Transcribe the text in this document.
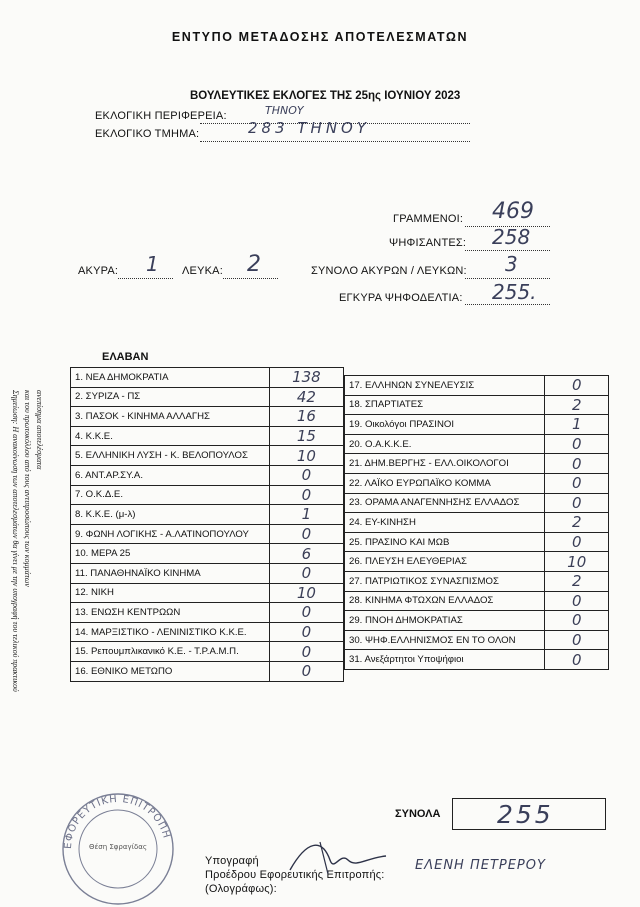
ΕΝΤΥΠΟ ΜΕΤΑΔΟΣΗΣ ΑΠΟΤΕΛΕΣΜΑΤΩΝ
ΒΟΥΛΕΥΤΙΚΕΣ ΕΚΛΟΓΕΣ ΤΗΣ 25ης ΙΟΥΝΙΟΥ 2023
ΕΚΛΟΓΙΚΗ ΠΕΡΙΦΕΡΕΙΑ:	ΤΗΝΟΥ
ΕΚΛΟΓΙΚΟ ΤΜΗΜΑ:	283 ΤΗΝΟΥ
ΓΡΑΜΜΕΝΟΙ: 469
ΨΗΦΙΣΑΝΤΕΣ: 258
ΑΚΥΡΑ: 1 ΛΕΥΚΑ: 2	ΣΥΝΟΛΟ ΑΚΥΡΩΝ / ΛΕΥΚΩΝ: 3
ΕΓΚΥΡΑ ΨΗΦΟΔΕΛΤΙΑ: 255.
ΕΛΑΒΑΝ
1. ΝΕΑ ΔΗΜΟΚΡΑΤΙΑ	138
2. ΣΥΡΙΖΑ - ΠΣ	42
3. ΠΑΣΟΚ - ΚΙΝΗΜΑ ΑΛΛΑΓΗΣ	16
4. Κ.Κ.Ε.	15
5. ΕΛΛΗΝΙΚΗ ΛΥΣΗ - Κ. ΒΕΛΟΠΟΥΛΟΣ	10
6. ΑΝΤ.ΑΡ.ΣΥ.Α.	0
7. Ο.Κ.Δ.Ε.	0
8. Κ.Κ.Ε. (μ-λ)	1
9. ΦΩΝΗ ΛΟΓΙΚΗΣ - Α.ΛΑΤΙΝΟΠΟΥΛΟΥ	0
10. ΜΕΡΑ 25	6
11. ΠΑΝΑΘΗΝΑΪΚΟ ΚΙΝΗΜΑ	0
12. ΝΙΚΗ	10
13. ΕΝΩΣΗ ΚΕΝΤΡΩΩΝ	0
14. ΜΑΡΞΙΣΤΙΚΟ - ΛΕΝΙΝΙΣΤΙΚΟ Κ.Κ.Ε.	0
15. Ρεπουμπλικανικό Κ.Ε. - Τ.Ρ.Α.Μ.Π.	0
16. ΕΘΝΙΚΟ ΜΕΤΩΠΟ	0
17. ΕΛΛΗΝΩΝ ΣΥΝΕΛΕΥΣΙΣ	0
18. ΣΠΑΡΤΙΑΤΕΣ	2
19. Οικολόγοι ΠΡΑΣΙΝΟΙ	1
20. Ο.Α.Κ.Κ.Ε.	0
21. ΔΗΜ.ΒΕΡΓΗΣ - ΕΛΛ.ΟΙΚΟΛΟΓΟΙ	0
22. ΛΑΪΚΟ ΕΥΡΩΠΑΪΚΟ ΚΟΜΜΑ	0
23. ΟΡΑΜΑ ΑΝΑΓΕΝΝΗΣΗΣ ΕΛΛΑΔΟΣ	0
24. ΕΥ-ΚΙΝΗΣΗ	2
25. ΠΡΑΣΙΝΟ ΚΑΙ ΜΩΒ	0
26. ΠΛΕΥΣΗ ΕΛΕΥΘΕΡΙΑΣ	10
27. ΠΑΤΡΙΩΤΙΚΟΣ ΣΥΝΑΣΠΙΣΜΟΣ	2
28. ΚΙΝΗΜΑ ΦΤΩΧΩΝ ΕΛΛΑΔΟΣ	0
29. ΠΝΟΗ ΔΗΜΟΚΡΑΤΙΑΣ	0
30. ΨΗΦ.ΕΛΛΗΝΙΣΜΟΣ ΕΝ ΤΟ ΟΛΟΝ	0
31. Ανεξάρτητοι Υποψήφιοι	0
ΣΥΝΟΛΑ 255
ΕΦΟΡΕΥΤΙΚΗ ΕΠΙΤΡΟΠΗ
Θέση Σφραγίδας
Υπογραφή
Προέδρου Εφορευτικής Επιτροπής:
(Ολογράφως):
ΕΛΕΝΗ ΠΕΤΡΕΡΟΥ
Σημείωση: Η ανακοίνωση των αποτελεσμάτων θα γίνει με την υπογραφή του τελικού πρακτικού και του πρωτοκόλλου από τους αντιπροσώπους των κομμάτων ανεπίσημα αποτελέσματα
